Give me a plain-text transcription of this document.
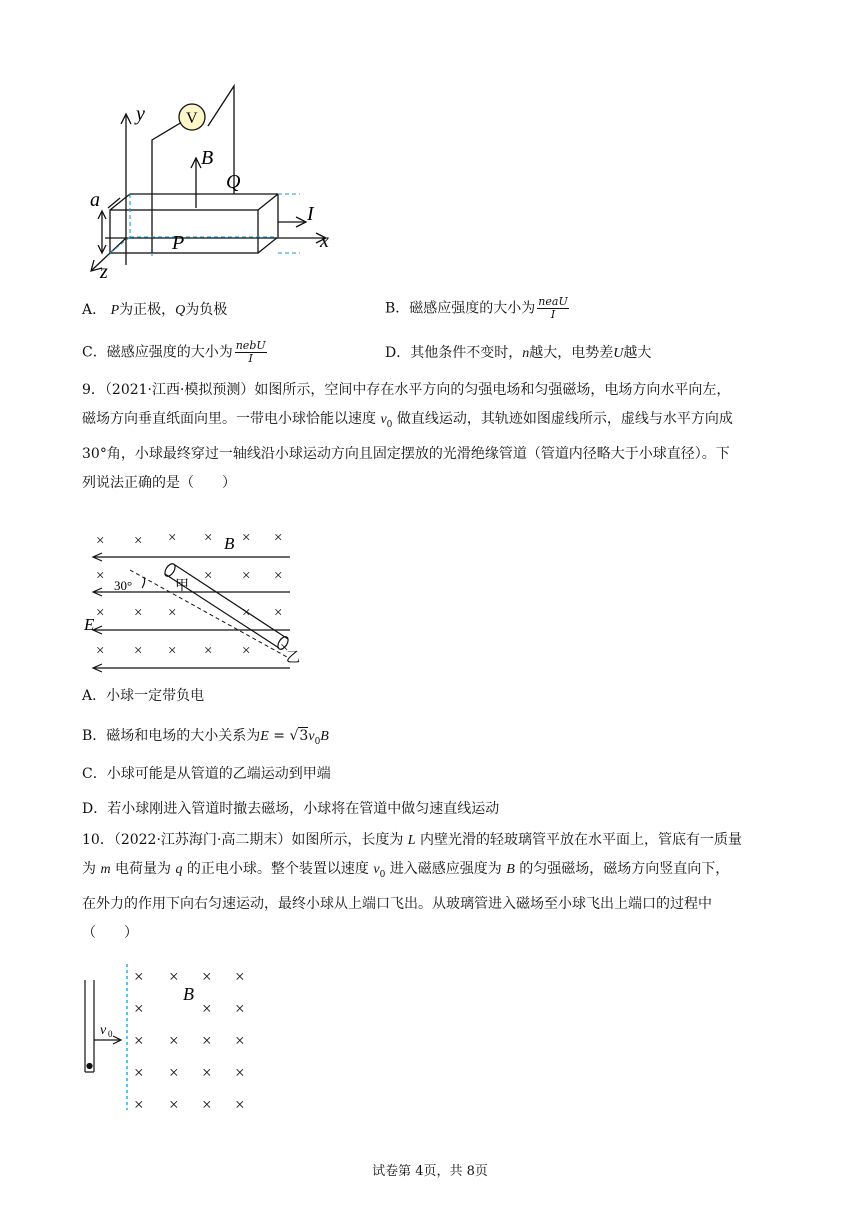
V
y
B
Q
a
I
x
P
z
A． P为正极，Q为负极	B．磁感应强度的大小为 $\frac{\text{neaU}}{I}$
C．磁感应强度的大小为 $\frac{\text{nebU}}{I}$	D．其他条件不变时，n越大，电势差U越大
9．（2021·江西·模拟预测）如图所示，空间中存在水平方向的匀强电场和匀强磁场，电场方向水平向左，
磁场方向垂直纸面向里。一带电小球恰能以速度 $v_0$ 做直线运动，其轨迹如图虚线所示，虚线与水平方向成
30°角，小球最终穿过一轴线沿小球运动方向且固定摆放的光滑绝缘管道（管道内径略大于小球直径）。下
列说法正确的是（　　）
× × × × × ×
×	× × ×
× × ×	× ×
× × × × × ×
B
30°	甲
E
乙
A．小球一定带负电
B．磁场和电场的大小关系为$E = √3v_0B$
C．小球可能是从管道的乙端运动到甲端
D．若小球刚进入管道时撤去磁场，小球将在管道中做匀速直线运动
10．（2022·江苏海门·高二期末）如图所示，长度为 L 内壁光滑的轻玻璃管平放在水平面上，管底有一质量
为 m 电荷量为 q 的正电小球。整个装置以速度 $v_0$ 进入磁感应强度为 B 的匀强磁场，磁场方向竖直向下，
在外力的作用下向右匀速运动，最终小球从上端口飞出。从玻璃管进入磁场至小球飞出上端口的过程中
（　　）
× × × ×
×	× ×
× × × ×
× × × ×
× × × ×
B
v 0
试卷第 4页，共 8页
